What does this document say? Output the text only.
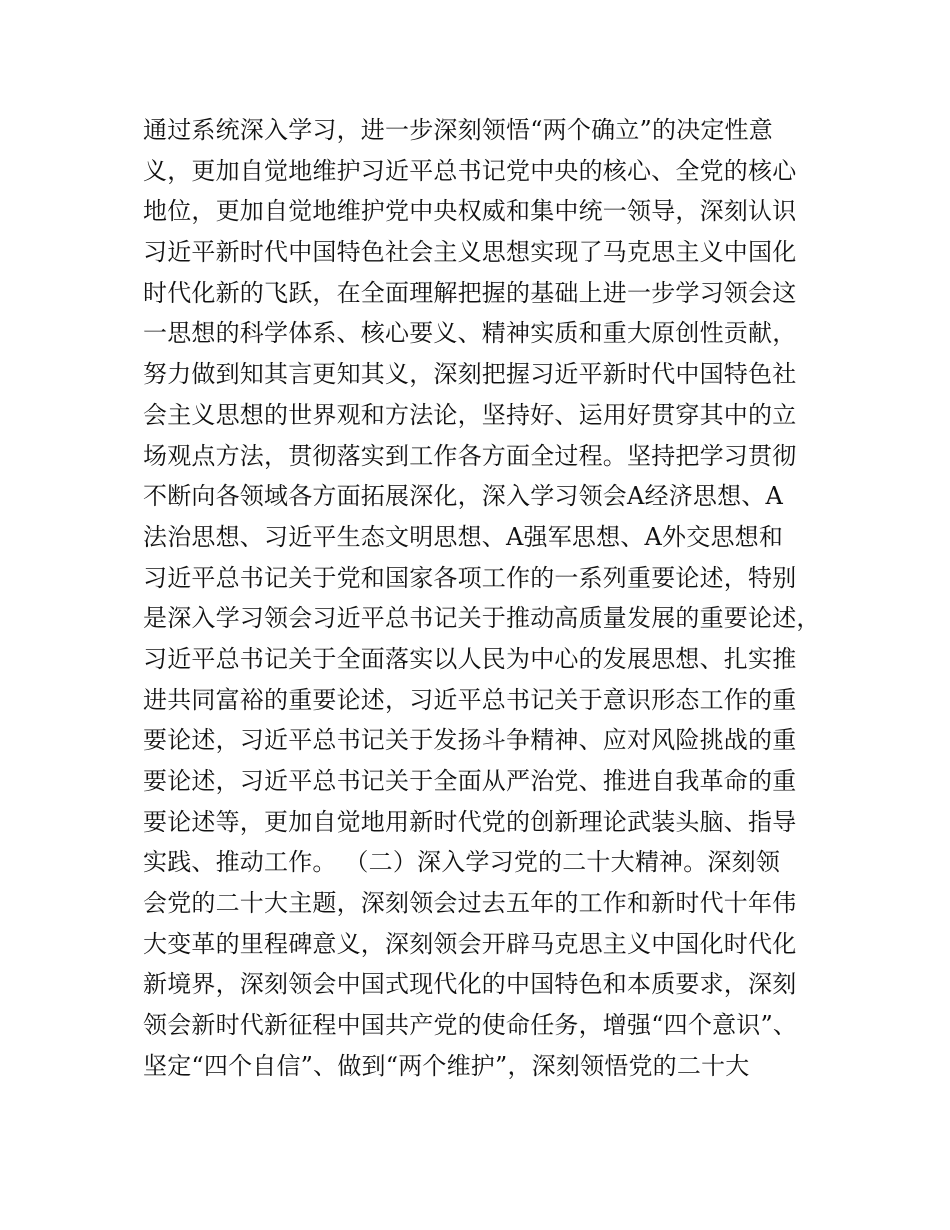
通过系统深入学习，进一步深刻领悟“两个确立”的决定性意
义，更加自觉地维护习近平总书记党中央的核心、全党的核心
地位，更加自觉地维护党中央权威和集中统一领导，深刻认识
习近平新时代中国特色社会主义思想实现了马克思主义中国化
时代化新的飞跃，在全面理解把握的基础上进一步学习领会这
一思想的科学体系、核心要义、精神实质和重大原创性贡献，
努力做到知其言更知其义，深刻把握习近平新时代中国特色社
会主义思想的世界观和方法论，坚持好、运用好贯穿其中的立
场观点方法，贯彻落实到工作各方面全过程。坚持把学习贯彻
不断向各领域各方面拓展深化，深入学习领会A经济思想、A
法治思想、习近平生态文明思想、A强军思想、A外交思想和
习近平总书记关于党和国家各项工作的一系列重要论述，特别
是深入学习领会习近平总书记关于推动高质量发展的重要论述，
习近平总书记关于全面落实以人民为中心的发展思想、扎实推
进共同富裕的重要论述，习近平总书记关于意识形态工作的重
要论述，习近平总书记关于发扬斗争精神、应对风险挑战的重
要论述，习近平总书记关于全面从严治党、推进自我革命的重
要论述等，更加自觉地用新时代党的创新理论武装头脑、指导
实践、推动工作。 （二）深入学习党的二十大精神。深刻领
会党的二十大主题，深刻领会过去五年的工作和新时代十年伟
大变革的里程碑意义，深刻领会开辟马克思主义中国化时代化
新境界，深刻领会中国式现代化的中国特色和本质要求，深刻
领会新时代新征程中国共产党的使命任务，增强“四个意识”、
坚定“四个自信”、做到“两个维护”，深刻领悟党的二十大
